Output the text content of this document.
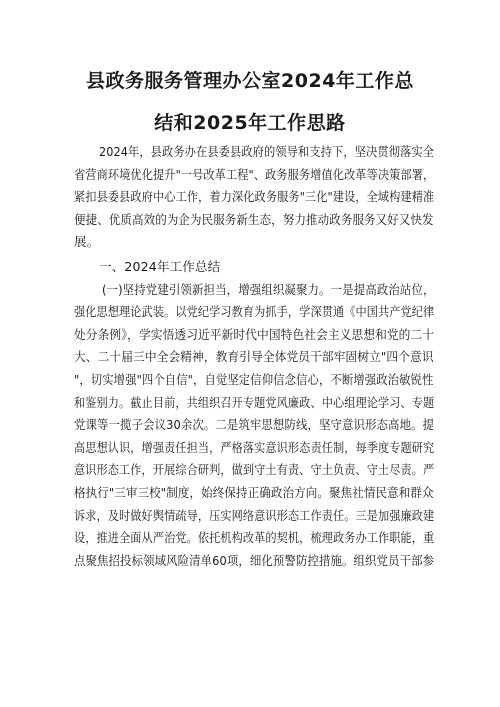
县政务服务管理办公室2024年工作总
结和2025年工作思路
2024年，县政务办在县委县政府的领导和支持下，坚决贯彻落实全
省营商环境优化提升"一号改革工程"、政务服务增值化改革等决策部署，
紧扣县委县政府中心工作，着力深化政务服务"三化"建设，全域构建精准
便捷、优质高效的为企为民服务新生态，努力推动政务服务又好又快发
展。
一、2024年工作总结
(一)坚持党建引领新担当，增强组织凝聚力。一是提高政治站位，
强化思想理论武装。以党纪学习教育为抓手，学深贯通《中国共产党纪律
处分条例》，学实悟透习近平新时代中国特色社会主义思想和党的二十
大、二十届三中全会精神，教育引导全体党员干部牢固树立"四个意识
"，切实增强"四个自信"，自觉坚定信仰信念信心，不断增强政治敏锐性
和鉴别力。截止目前，共组织召开专题党风廉政、中心组理论学习、专题
党课等一揽子会议30余次。二是筑牢思想防线，坚守意识形态高地。提
高思想认识，增强责任担当，严格落实意识形态责任制，每季度专题研究
意识形态工作，开展综合研判，做到守土有责、守土负责、守土尽责。严
格执行"三审三校"制度，始终保持正确政治方向。聚焦社情民意和群众
诉求，及时做好舆情疏导，压实网络意识形态工作责任。三是加强廉政建
设，推进全面从严治党。依托机构改革的契机，梳理政务办工作职能，重
点聚焦招投标领域风险清单60项，细化预警防控措施。组织党员干部参
